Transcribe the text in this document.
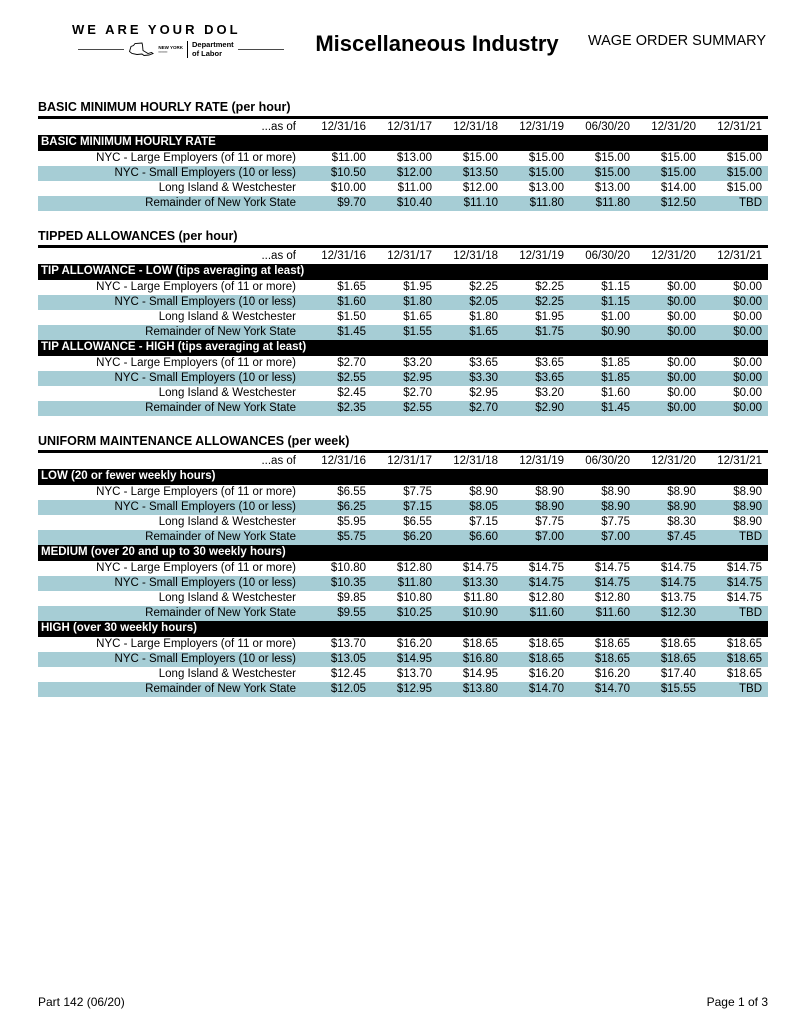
WE ARE YOUR DOL
NEW YORK
━━━━━
Department
of Labor	Miscellaneous Industry	WAGE ORDER SUMMARY
BASIC MINIMUM HOURLY RATE (per hour)
...as of	12/31/16	12/31/17	12/31/18	12/31/19	06/30/20	12/31/20	12/31/21
BASIC MINIMUM HOURLY RATE							
NYC - Large Employers (of 11 or more)	$11.00	$13.00	$15.00	$15.00	$15.00	$15.00	$15.00
NYC - Small Employers (10 or less)	$10.50	$12.00	$13.50	$15.00	$15.00	$15.00	$15.00
Long Island & Westchester	$10.00	$11.00	$12.00	$13.00	$13.00	$14.00	$15.00
Remainder of New York State	$9.70	$10.40	$11.10	$11.80	$11.80	$12.50	TBD
TIPPED ALLOWANCES (per hour)
...as of	12/31/16	12/31/17	12/31/18	12/31/19	06/30/20	12/31/20	12/31/21
TIP ALLOWANCE - LOW (tips averaging at least)							
NYC - Large Employers (of 11 or more)	$1.65	$1.95	$2.25	$2.25	$1.15	$0.00	$0.00
NYC - Small Employers (10 or less)	$1.60	$1.80	$2.05	$2.25	$1.15	$0.00	$0.00
Long Island & Westchester	$1.50	$1.65	$1.80	$1.95	$1.00	$0.00	$0.00
Remainder of New York State	$1.45	$1.55	$1.65	$1.75	$0.90	$0.00	$0.00
TIP ALLOWANCE - HIGH (tips averaging at least)							
NYC - Large Employers (of 11 or more)	$2.70	$3.20	$3.65	$3.65	$1.85	$0.00	$0.00
NYC - Small Employers (10 or less)	$2.55	$2.95	$3.30	$3.65	$1.85	$0.00	$0.00
Long Island & Westchester	$2.45	$2.70	$2.95	$3.20	$1.60	$0.00	$0.00
Remainder of New York State	$2.35	$2.55	$2.70	$2.90	$1.45	$0.00	$0.00
UNIFORM MAINTENANCE ALLOWANCES (per week)
...as of	12/31/16	12/31/17	12/31/18	12/31/19	06/30/20	12/31/20	12/31/21
LOW (20 or fewer weekly hours)							
NYC - Large Employers (of 11 or more)	$6.55	$7.75	$8.90	$8.90	$8.90	$8.90	$8.90
NYC - Small Employers (10 or less)	$6.25	$7.15	$8.05	$8.90	$8.90	$8.90	$8.90
Long Island & Westchester	$5.95	$6.55	$7.15	$7.75	$7.75	$8.30	$8.90
Remainder of New York State	$5.75	$6.20	$6.60	$7.00	$7.00	$7.45	TBD
MEDIUM (over 20 and up to 30 weekly hours)							
NYC - Large Employers (of 11 or more)	$10.80	$12.80	$14.75	$14.75	$14.75	$14.75	$14.75
NYC - Small Employers (10 or less)	$10.35	$11.80	$13.30	$14.75	$14.75	$14.75	$14.75
Long Island & Westchester	$9.85	$10.80	$11.80	$12.80	$12.80	$13.75	$14.75
Remainder of New York State	$9.55	$10.25	$10.90	$11.60	$11.60	$12.30	TBD
HIGH (over 30 weekly hours)							
NYC - Large Employers (of 11 or more)	$13.70	$16.20	$18.65	$18.65	$18.65	$18.65	$18.65
NYC - Small Employers (10 or less)	$13.05	$14.95	$16.80	$18.65	$18.65	$18.65	$18.65
Long Island & Westchester	$12.45	$13.70	$14.95	$16.20	$16.20	$17.40	$18.65
Remainder of New York State	$12.05	$12.95	$13.80	$14.70	$14.70	$15.55	TBD
Part 142 (06/20)	Page 1 of 3
